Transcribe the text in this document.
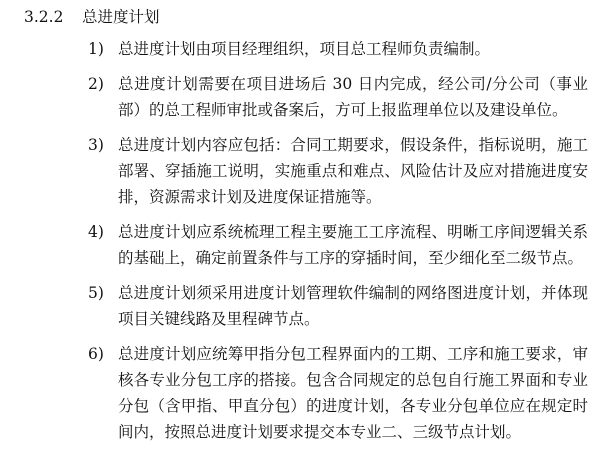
3.2.2 总进度计划
1) 总进度计划由项目经理组织，项目总工程师负责编制。
2) 总进度计划需要在项目进场后 30 日内完成，经公司/分公司（事业部）的总工程师审批或备案后，方可上报监理单位以及建设单位。
3) 总进度计划内容应包括：合同工期要求，假设条件，指标说明，施工部署、穿插施工说明，实施重点和难点、风险估计及应对措施进度安排，资源需求计划及进度保证措施等。
4) 总进度计划应系统梳理工程主要施工工序流程、明晰工序间逻辑关系的基础上，确定前置条件与工序的穿插时间，至少细化至二级节点。
5) 总进度计划须采用进度计划管理软件编制的网络图进度计划，并体现项目关键线路及里程碑节点。
6) 总进度计划应统筹甲指分包工程界面内的工期、工序和施工要求，审核各专业分包工序的搭接。包含合同规定的总包自行施工界面和专业分包（含甲指、甲直分包）的进度计划，各专业分包单位应在规定时间内，按照总进度计划要求提交本专业二、三级节点计划。
